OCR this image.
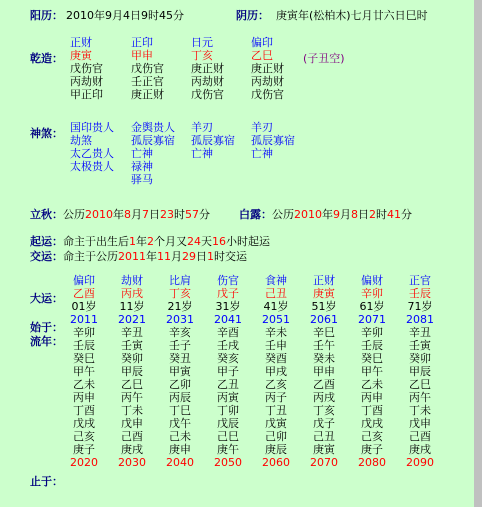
阳历： 2010年9月4日9时45分	阴历： 庚寅年(松柏木)七月廿六日巳时
乾造：
正财
庚寅
戊伤官
丙劫财
甲正印
正印
甲申
戊伤官
壬正官
庚正财
日元
丁亥
庚正财
丙劫财
戊伤官
偏印
乙巳
庚正财
丙劫财
戊伤官
(子丑空)
神煞： 国印贵人
劫煞
太乙贵人
太极贵人
金舆贵人
孤辰寡宿
亡神
禄神
驿马
羊刃
孤辰寡宿
亡神
羊刃
孤辰寡宿
亡神
立秋：公历2010年8月7日23时57分	白露：公历2010年9月8日2时41分
起运：命主于出生后1年2个月又24天16小时起运
交运：命主于公历2011年11月29日1时交运
大运：
始于：
流年：
止于：
偏印
乙酉
01岁
2011
辛卯
壬辰
癸巳
甲午
乙未
丙申
丁酉
戊戌
己亥
庚子
2020
劫财
丙戌
11岁
2021
辛丑
壬寅
癸卯
甲辰
乙巳
丙午
丁未
戊申
己酉
庚戌
2030
比肩
丁亥
21岁
2031
辛亥
壬子
癸丑
甲寅
乙卯
丙辰
丁巳
戊午
己未
庚申
2040
伤官
戊子
31岁
2041
辛酉
壬戌
癸亥
甲子
乙丑
丙寅
丁卯
戊辰
己巳
庚午
2050
食神
己丑
41岁
2051
辛未
壬申
癸酉
甲戌
乙亥
丙子
丁丑
戊寅
己卯
庚辰
2060
正财
庚寅
51岁
2061
辛巳
壬午
癸未
甲申
乙酉
丙戌
丁亥
戊子
己丑
庚寅
2070
偏财
辛卯
61岁
2071
辛卯
壬辰
癸巳
甲午
乙未
丙申
丁酉
戊戌
己亥
庚子
2080
正官
壬辰
71岁
2081
辛丑
壬寅
癸卯
甲辰
乙巳
丙午
丁未
戊申
己酉
庚戌
2090
